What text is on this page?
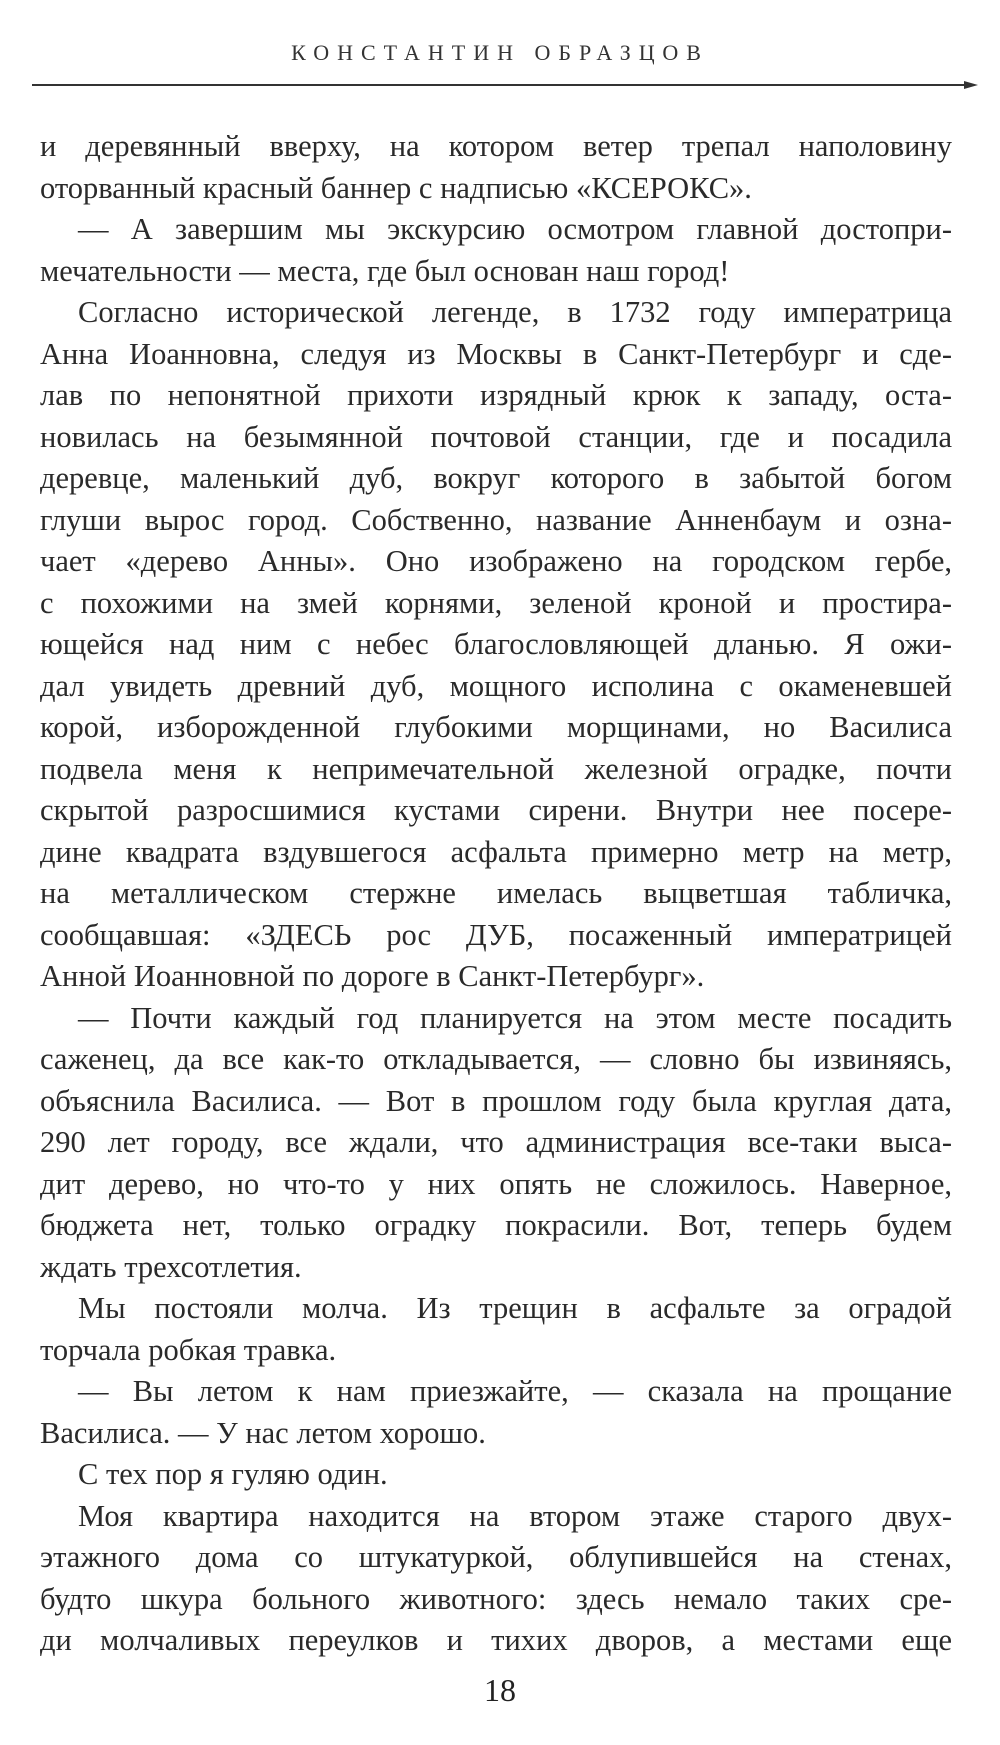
КОНСТАНТИН ОБРАЗЦОВ
и деревянный вверху, на котором ветер трепал наполовину
оторванный красный баннер с надписью «КСЕРОКС».
— А завершим мы экскурсию осмотром главной достопри-
мечательности — места, где был основан наш город!
Согласно исторической легенде, в 1732 году императрица
Анна Иоанновна, следуя из Москвы в Санкт-Петербург и сде-
лав по непонятной прихоти изрядный крюк к западу, оста-
новилась на безымянной почтовой станции, где и посадила
деревце, маленький дуб, вокруг которого в забытой богом
глуши вырос город. Собственно, название Анненбаум и озна-
чает «дерево Анны». Оно изображено на городском гербе,
с похожими на змей корнями, зеленой кроной и простира-
ющейся над ним с небес благословляющей дланью. Я ожи-
дал увидеть древний дуб, мощного исполина с окаменевшей
корой, изборожденной глубокими морщинами, но Василиса
подвела меня к непримечательной железной оградке, почти
скрытой разросшимися кустами сирени. Внутри нее посере-
дине квадрата вздувшегося асфальта примерно метр на метр,
на металлическом стержне имелась выцветшая табличка,
сообщавшая: «ЗДЕСЬ рос ДУБ, посаженный императрицей
Анной Иоанновной по дороге в Санкт-Петербург».
— Почти каждый год планируется на этом месте посадить
саженец, да все как-то откладывается, — словно бы извиняясь,
объяснила Василиса. — Вот в прошлом году была круглая дата,
290 лет городу, все ждали, что администрация все-таки выса-
дит дерево, но что-то у них опять не сложилось. Наверное,
бюджета нет, только оградку покрасили. Вот, теперь будем
ждать трехсотлетия.
Мы постояли молча. Из трещин в асфальте за оградой
торчала робкая травка.
— Вы летом к нам приезжайте, — сказала на прощание
Василиса. — У нас летом хорошо.
С тех пор я гуляю один.
Моя квартира находится на втором этаже старого двух-
этажного дома со штукатуркой, облупившейся на стенах,
будто шкура больного животного: здесь немало таких сре-
ди молчаливых переулков и тихих дворов, а местами еще
18
